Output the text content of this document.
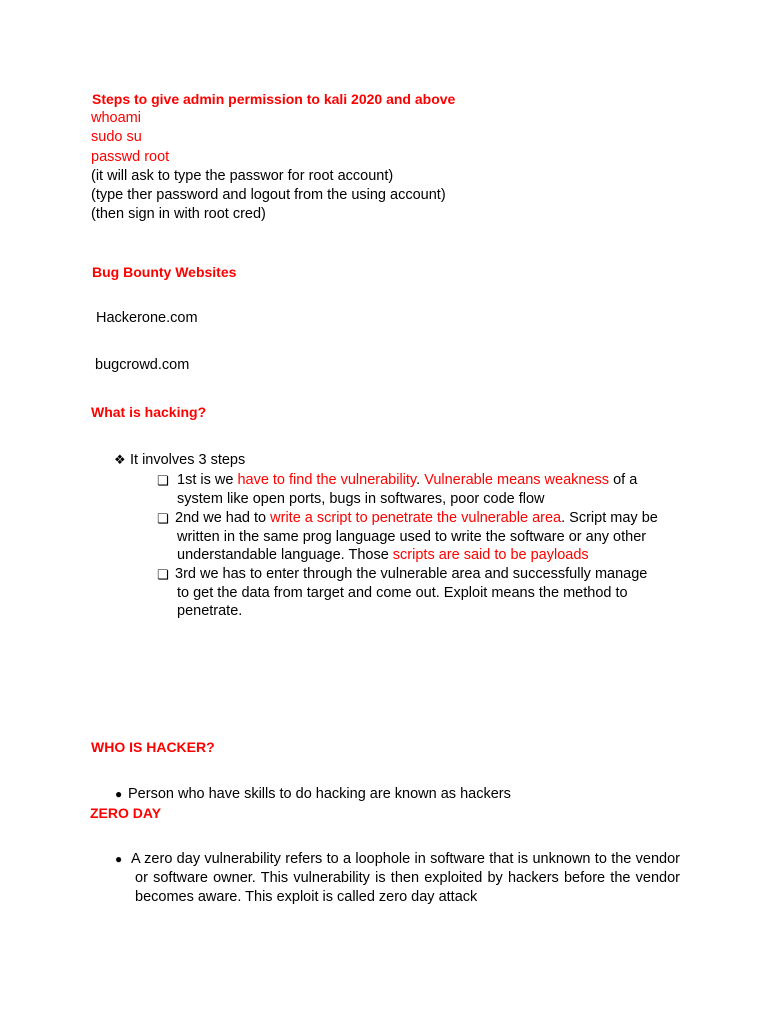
Steps to give admin permission to kali 2020 and above
whoami
sudo su
passwd root
(it will ask to type the passwor for root account)
(type ther password and logout from the using account)
(then sign in with root cred)
Bug Bounty Websites
Hackerone.com
bugcrowd.com
What is hacking?
❖ It involves 3 steps
❏ 1st is we have to find the vulnerability. Vulnerable means weakness of a
system like open ports, bugs in softwares, poor code flow
❏ 2nd we had to write a script to penetrate the vulnerable area. Script may be
written in the same prog language used to write the software or any other
understandable language. Those scripts are said to be payloads
❏ 3rd we has to enter through the vulnerable area and successfully manage
to get the data from target and come out. Exploit means the method to
penetrate.
WHO IS HACKER?
● Person who have skills to do hacking are known as hackers
ZERO DAY
● A zero day vulnerability refers to a loophole in software that is unknown to the vendor or software owner. This vulnerability is then exploited by hackers before the vendor becomes aware. This exploit is called zero day attack
